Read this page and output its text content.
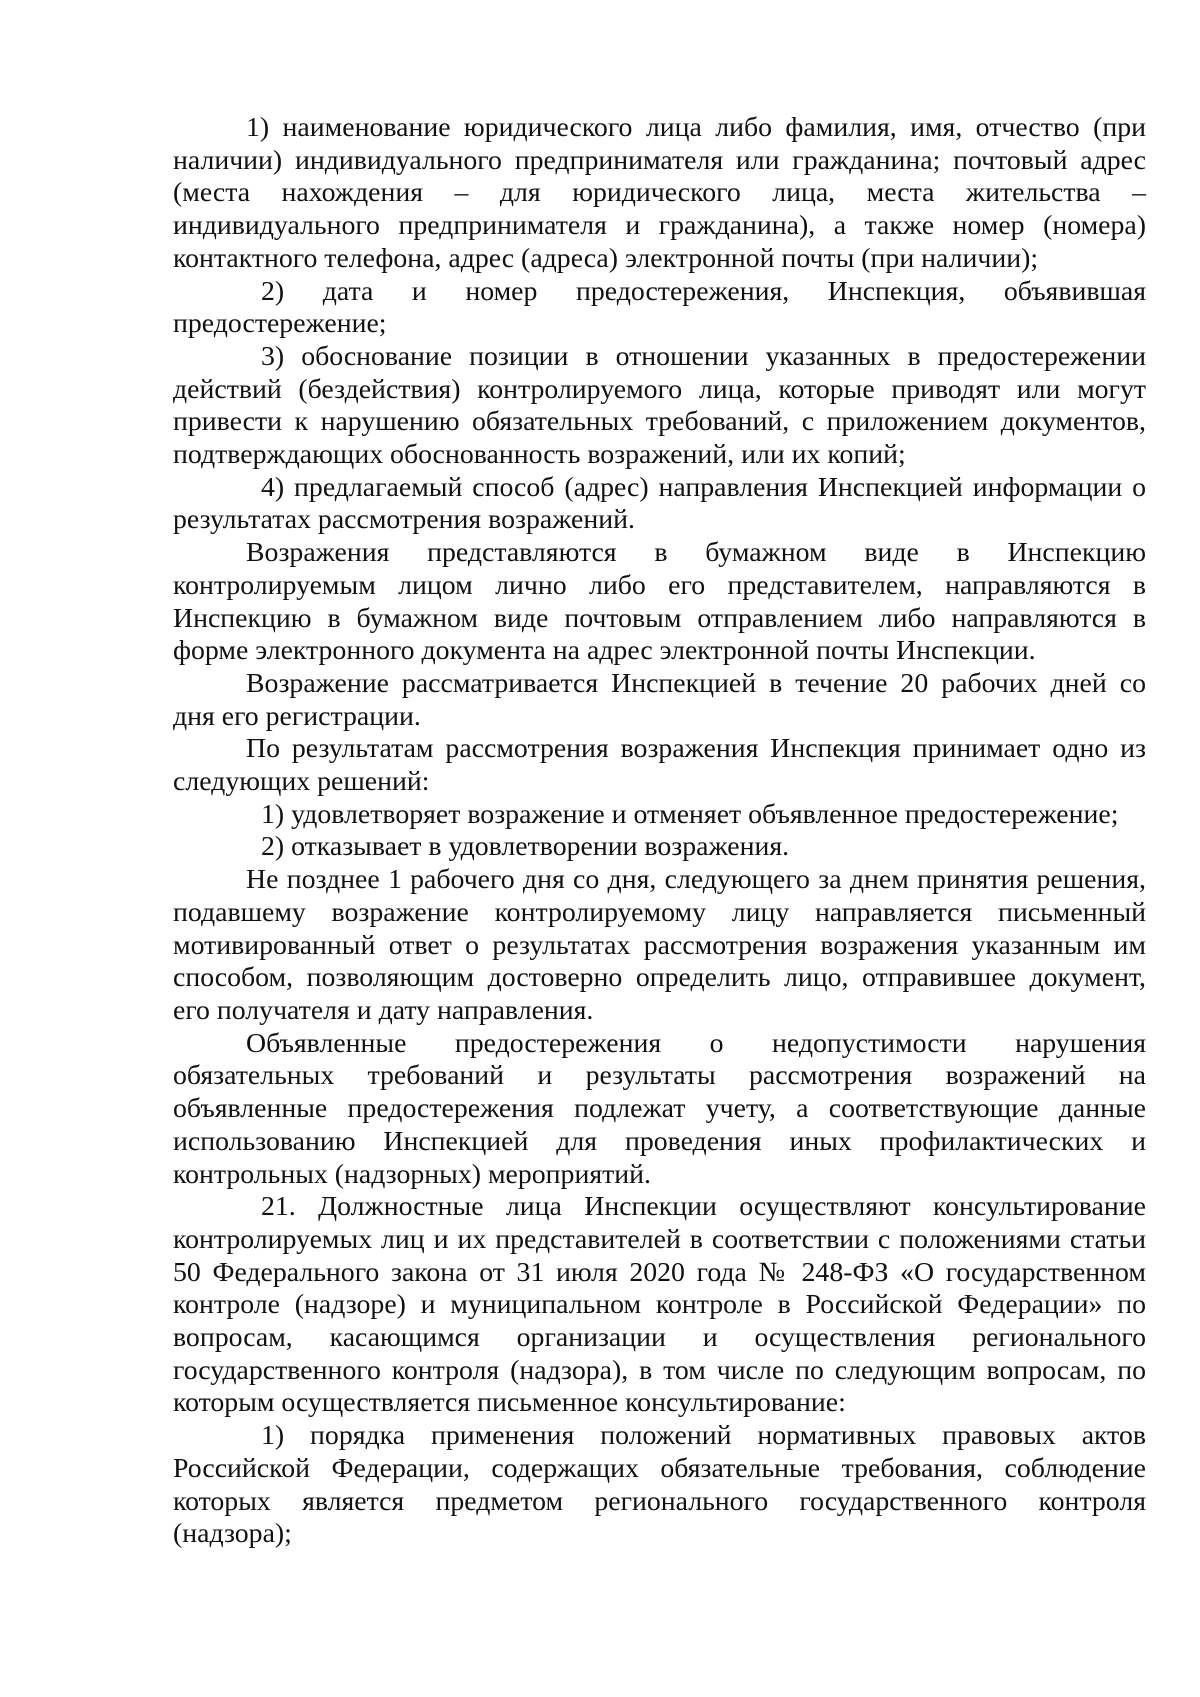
1) наименование юридического лица либо фамилия, имя, отчество (при наличии) индивидуального предпринимателя или гражданина; почтовый адрес (места нахождения – для юридического лица, места жительства – индивидуального предпринимателя и гражданина), а также номер (номера) контактного телефона, адрес (адреса) электронной почты (при наличии);

2) дата и номер предостережения, Инспекция, объявившая предостережение;

3) обоснование позиции в отношении указанных в предостережении действий (бездействия) контролируемого лица, которые приводят или могут привести к нарушению обязательных требований, с приложением документов, подтверждающих обоснованность возражений, или их копий;

4) предлагаемый способ (адрес) направления Инспекцией информации о результатах рассмотрения возражений.

Возражения представляются в бумажном виде в Инспекцию контролируемым лицом лично либо его представителем, направляются в Инспекцию в бумажном виде почтовым отправлением либо направляются в форме электронного документа на адрес электронной почты Инспекции.

Возражение рассматривается Инспекцией в течение 20 рабочих дней со дня его регистрации.

По результатам рассмотрения возражения Инспекция принимает одно из следующих решений:

1) удовлетворяет возражение и отменяет объявленное предостережение;

2) отказывает в удовлетворении возражения.

Не позднее 1 рабочего дня со дня, следующего за днем принятия решения, подавшему возражение контролируемому лицу направляется письменный мотивированный ответ о результатах рассмотрения возражения указанным им способом, позволяющим достоверно определить лицо, отправившее документ, его получателя и дату направления.

Объявленные предостережения о недопустимости нарушения обязательных требований и результаты рассмотрения возражений на объявленные предостережения подлежат учету, а соответствующие данные использованию Инспекцией для проведения иных профилактических и контрольных (надзорных) мероприятий.

21. Должностные лица Инспекции осуществляют консультирование контролируемых лиц и их представителей в соответствии с положениями статьи 50 Федерального закона от 31 июля 2020 года № 248-ФЗ «О государственном контроле (надзоре) и муниципальном контроле в Российской Федерации» по вопросам, касающимся организации и осуществления регионального государственного контроля (надзора), в том числе по следующим вопросам, по которым осуществляется письменное консультирование:

1) порядка применения положений нормативных правовых актов Российской Федерации, содержащих обязательные требования, соблюдение которых является предметом регионального государственного контроля (надзора);
